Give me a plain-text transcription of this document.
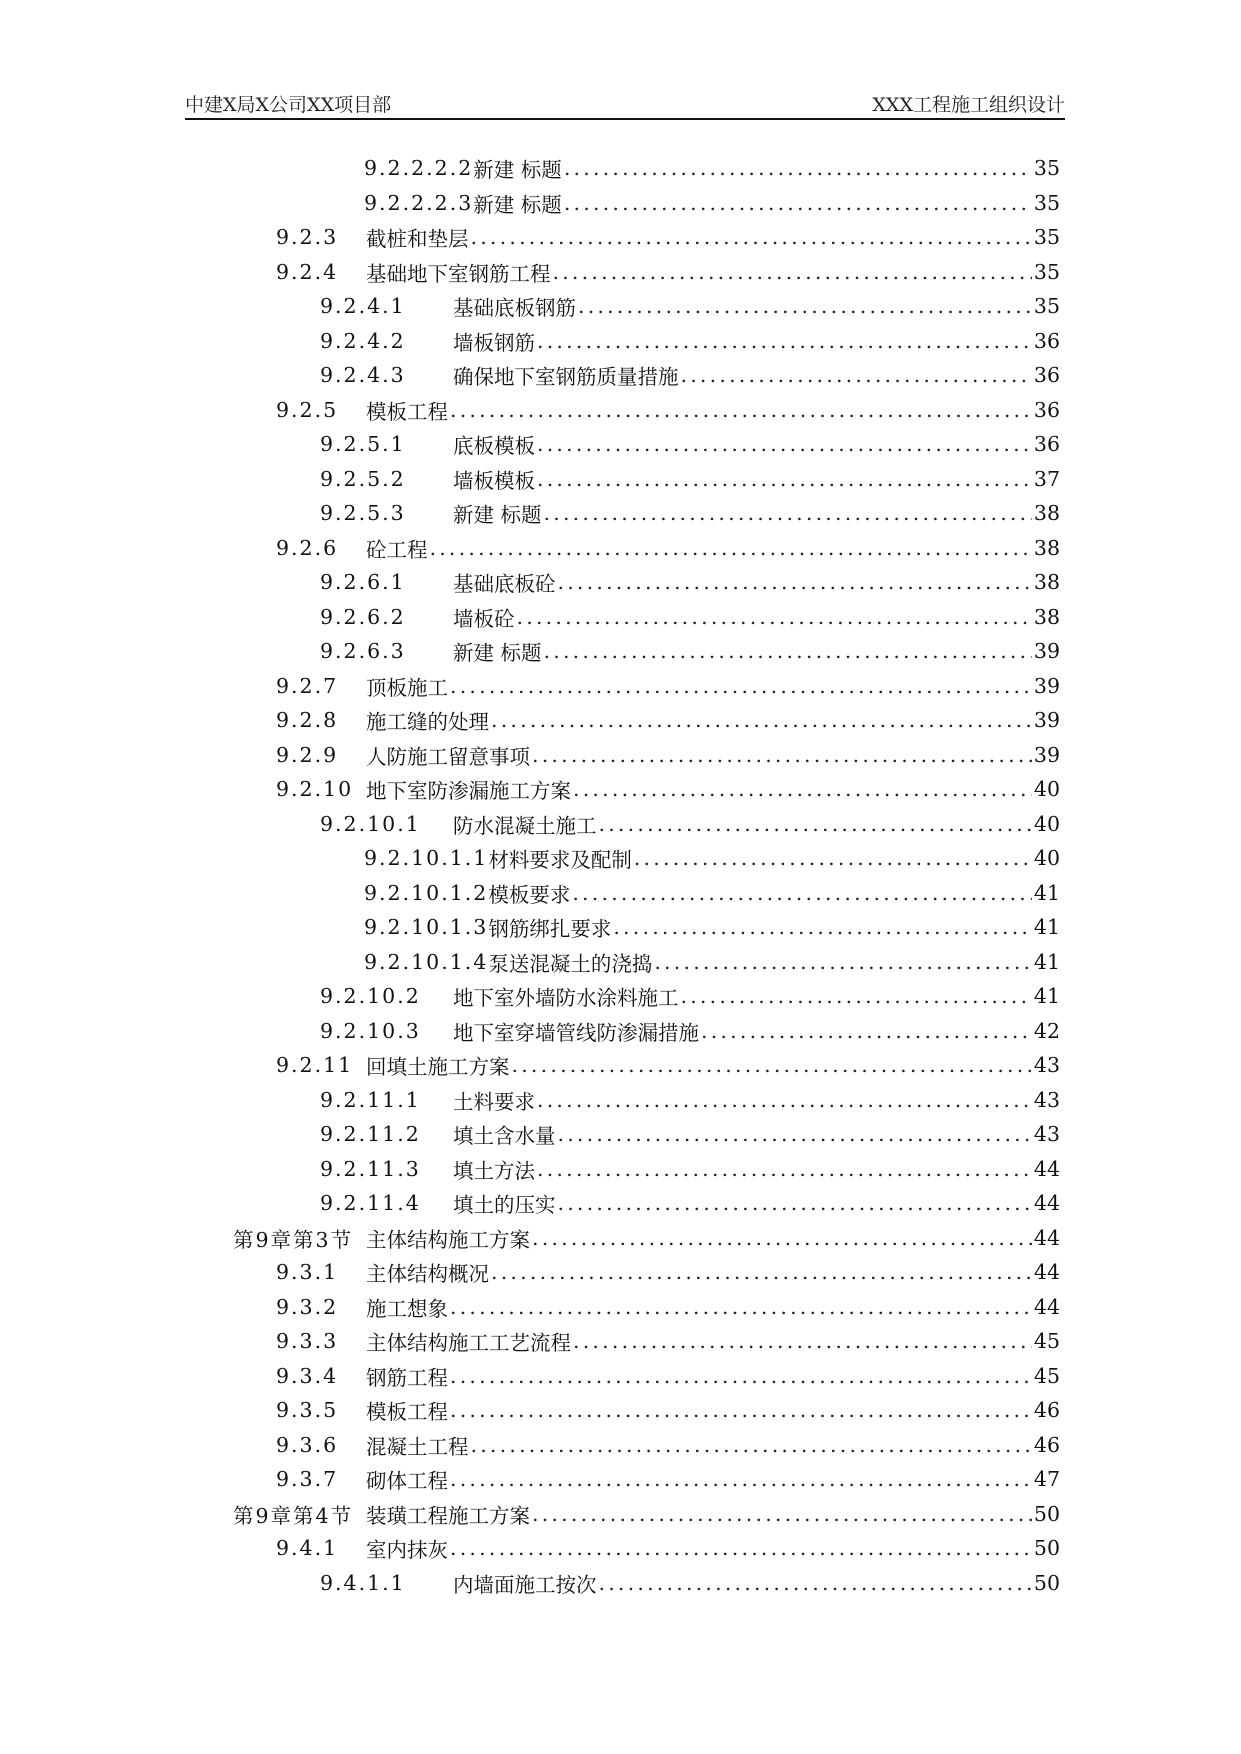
中建X局X公司XX项目部	XXX工程施工组织设计
9.2.2.2.2 新建 标题 .....	35
9.2.2.2.3 新建 标题 .....	35
9.2.3	截桩和垫层 .....	35
9.2.4	基础地下室钢筋工程 .....	35
9.2.4.1	基础底板钢筋 .....	35
9.2.4.2	墙板钢筋 .....	36
9.2.4.3	确保地下室钢筋质量措施 .....	36
9.2.5	模板工程 .....	36
9.2.5.1	底板模板 .....	36
9.2.5.2	墙板模板 .....	37
9.2.5.3	新建 标题 .....	38
9.2.6	砼工程 .....	38
9.2.6.1	基础底板砼 .....	38
9.2.6.2	墙板砼 .....	38
9.2.6.3	新建 标题 .....	39
9.2.7	顶板施工 .....	39
9.2.8	施工缝的处理 .....	39
9.2.9	人防施工留意事项 .....	39
9.2.10 地下室防渗漏施工方案 .....	40
9.2.10.1	防水混凝土施工 .....	40
9.2.10.1.1 材料要求及配制 .....	40
9.2.10.1.2 模板要求 .....	41
9.2.10.1.3 钢筋绑扎要求 .....	41
9.2.10.1.4 泵送混凝土的浇捣 .....	41
9.2.10.2	地下室外墙防水涂料施工 .....	41
9.2.10.3	地下室穿墙管线防渗漏措施 .....	42
9.2.11 回填土施工方案 .....	43
9.2.11.1	土料要求 .....	43
9.2.11.2	填土含水量 .....	43
9.2.11.3	填土方法 .....	44
9.2.11.4	填土的压实 .....	44
第9章第3节 主体结构施工方案 .....	44
9.3.1	主体结构概况 .....	44
9.3.2	施工想象 .....	44
9.3.3	主体结构施工工艺流程 .....	45
9.3.4	钢筋工程 .....	45
9.3.5	模板工程 .....	46
9.3.6	混凝土工程 .....	46
9.3.7	砌体工程 .....	47
第9章第4节 装璜工程施工方案 .....	50
9.4.1	室内抹灰 .....	50
9.4.1.1	内墙面施工按次 .....	50
